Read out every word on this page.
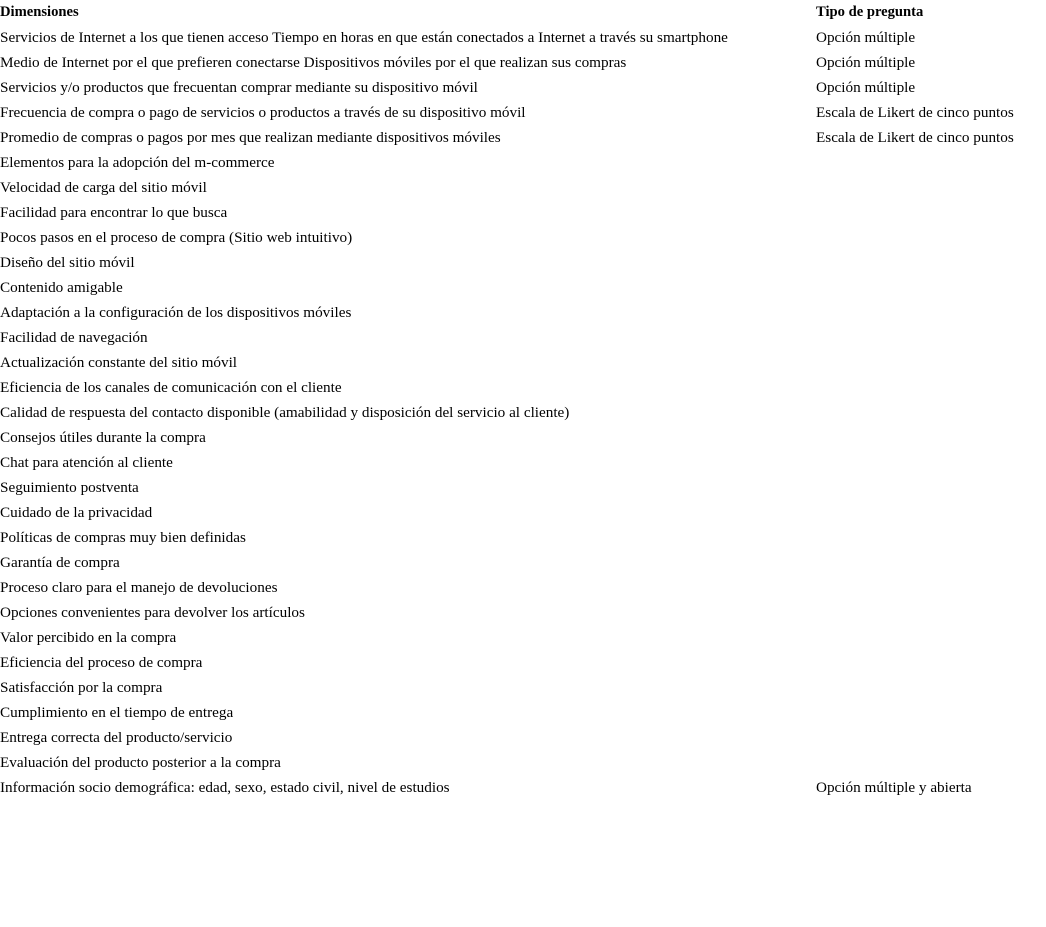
Dimensiones	Tipo de pregunta
Servicios de Internet a los que tienen acceso Tiempo en horas en que están conectados a Internet a través su smartphone	Opción múltiple
Medio de Internet por el que prefieren conectarse Dispositivos móviles por el que realizan sus compras	Opción múltiple
Servicios y/o productos que frecuentan comprar mediante su dispositivo móvil	Opción múltiple
Frecuencia de compra o pago de servicios o productos a través de su dispositivo móvil	Escala de Likert de cinco puntos
Promedio de compras o pagos por mes que realizan mediante dispositivos móviles	Escala de Likert de cinco puntos
Elementos para la adopción del m-commerce	
Velocidad de carga del sitio móvil	
Facilidad para encontrar lo que busca	
Pocos pasos en el proceso de compra (Sitio web intuitivo)	
Diseño del sitio móvil	
Contenido amigable	
Adaptación a la configuración de los dispositivos móviles	
Facilidad de navegación	
Actualización constante del sitio móvil	
Eficiencia de los canales de comunicación con el cliente	
Calidad de respuesta del contacto disponible (amabilidad y disposición del servicio al cliente)	
Consejos útiles durante la compra	
Chat para atención al cliente	
Seguimiento postventa	
Cuidado de la privacidad	
Políticas de compras muy bien definidas	
Garantía de compra	
Proceso claro para el manejo de devoluciones	
Opciones convenientes para devolver los artículos	
Valor percibido en la compra	
Eficiencia del proceso de compra	
Satisfacción por la compra	
Cumplimiento en el tiempo de entrega	
Entrega correcta del producto/servicio	
Evaluación del producto posterior a la compra	
Información socio demográfica: edad, sexo, estado civil, nivel de estudios	Opción múltiple y abierta
